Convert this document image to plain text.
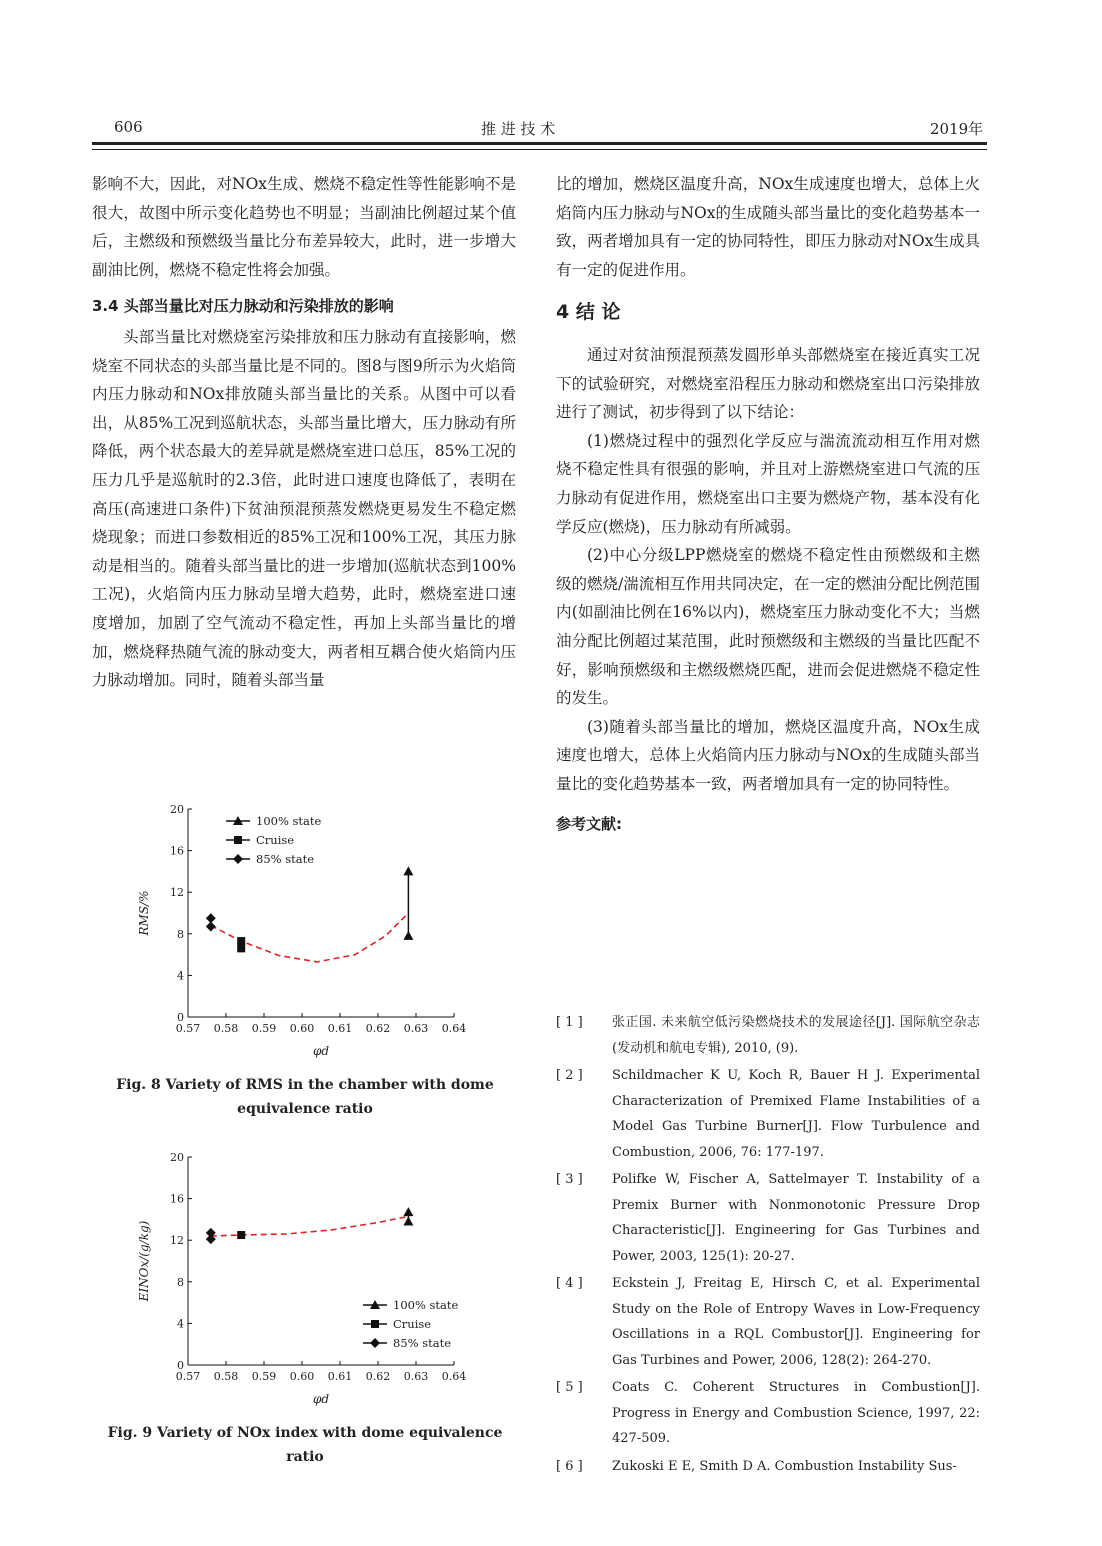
606	推 进 技 术	2019年

影响不大，因此，对NOx生成、燃烧不稳定性等性能影响不是很大，故图中所示变化趋势也不明显；当副油比例超过某个值后，主燃级和预燃级当量比分布差异较大，此时，进一步增大副油比例，燃烧不稳定性将会加强。

3.4 头部当量比对压力脉动和污染排放的影响

头部当量比对燃烧室污染排放和压力脉动有直接影响，燃烧室不同状态的头部当量比是不同的。图8与图9所示为火焰筒内压力脉动和NOx排放随头部当量比的关系。从图中可以看出，从85%工况到巡航状态，头部当量比增大，压力脉动有所降低，两个状态最大的差异就是燃烧室进口总压，85%工况的压力几乎是巡航时的2.3倍，此时进口速度也降低了，表明在高压(高速进口条件)下贫油预混预蒸发燃烧更易发生不稳定燃烧现象；而进口参数相近的85%工况和100%工况，其压力脉动是相当的。随着头部当量比的进一步增加(巡航状态到100%工况)，火焰筒内压力脉动呈增大趋势，此时，燃烧室进口速度增加，加剧了空气流动不稳定性，再加上头部当量比的增加，燃烧释热随气流的脉动变大，两者相互耦合使火焰筒内压力脉动增加。同时，随着头部当量

比的增加，燃烧区温度升高，NOx生成速度也增大，总体上火焰筒内压力脉动与NOx的生成随头部当量比的变化趋势基本一致，两者增加具有一定的协同特性，即压力脉动对NOx生成具有一定的促进作用。

4 结 论

通过对贫油预混预蒸发圆形单头部燃烧室在接近真实工况下的试验研究，对燃烧室沿程压力脉动和燃烧室出口污染排放进行了测试，初步得到了以下结论：

(1)燃烧过程中的强烈化学反应与湍流流动相互作用对燃烧不稳定性具有很强的影响，并且对上游燃烧室进口气流的压力脉动有促进作用，燃烧室出口主要为燃烧产物，基本没有化学反应(燃烧)，压力脉动有所减弱。

(2)中心分级LPP燃烧室的燃烧不稳定性由预燃级和主燃级的燃烧/湍流相互作用共同决定，在一定的燃油分配比例范围内(如副油比例在16%以内)，燃烧室压力脉动变化不大；当燃油分配比例超过某范围，此时预燃级和主燃级的当量比匹配不好，影响预燃级和主燃级燃烧匹配，进而会促进燃烧不稳定性的发生。

(3)随着头部当量比的增加，燃烧区温度升高，NOx生成速度也增大，总体上火焰筒内压力脉动与NOx的生成随头部当量比的变化趋势基本一致，两者增加具有一定的协同特性。

参考文献:

[ 1 ]	张正国. 未来航空低污染燃烧技术的发展途径[J]. 国际航空杂志(发动机和航电专辑), 2010, (9).
[ 2 ]	Schildmacher K U, Koch R, Bauer H J. Experimental Characterization of Premixed Flame Instabilities of a Model Gas Turbine Burner[J]. Flow Turbulence and Combustion, 2006, 76: 177-197.
[ 3 ]	Polifke W, Fischer A, Sattelmayer T. Instability of a Premix Burner with Nonmonotonic Pressure Drop Characteristic[J]. Engineering for Gas Turbines and Power, 2003, 125(1): 20-27.
[ 4 ]	Eckstein J, Freitag E, Hirsch C, et al. Experimental Study on the Role of Entropy Waves in Low-Frequency Oscillations in a RQL Combustor[J]. Engineering for Gas Turbines and Power, 2006, 128(2): 264-270.
[ 5 ]	Coats C. Coherent Structures in Combustion[J]. Progress in Energy and Combustion Science, 1997, 22: 427-509.
[ 6 ]	Zukoski E E, Smith D A. Combustion Instability Sus-
0.57 0.58 0.59 0.60 0.61 0.62 0.63 0.64
0
4
8
12
16
20
φd
RMS/%
100% state
Cruise
85% state
Fig. 8 Variety of RMS in the chamber with dome equivalence ratio
0.57 0.58 0.59 0.60 0.61 0.62 0.63 0.64
0
4
8
12
16
20
φd
EINOx/(g/kg)
100% state
Cruise
85% state
Fig. 9 Variety of NOx index with dome equivalence ratio
